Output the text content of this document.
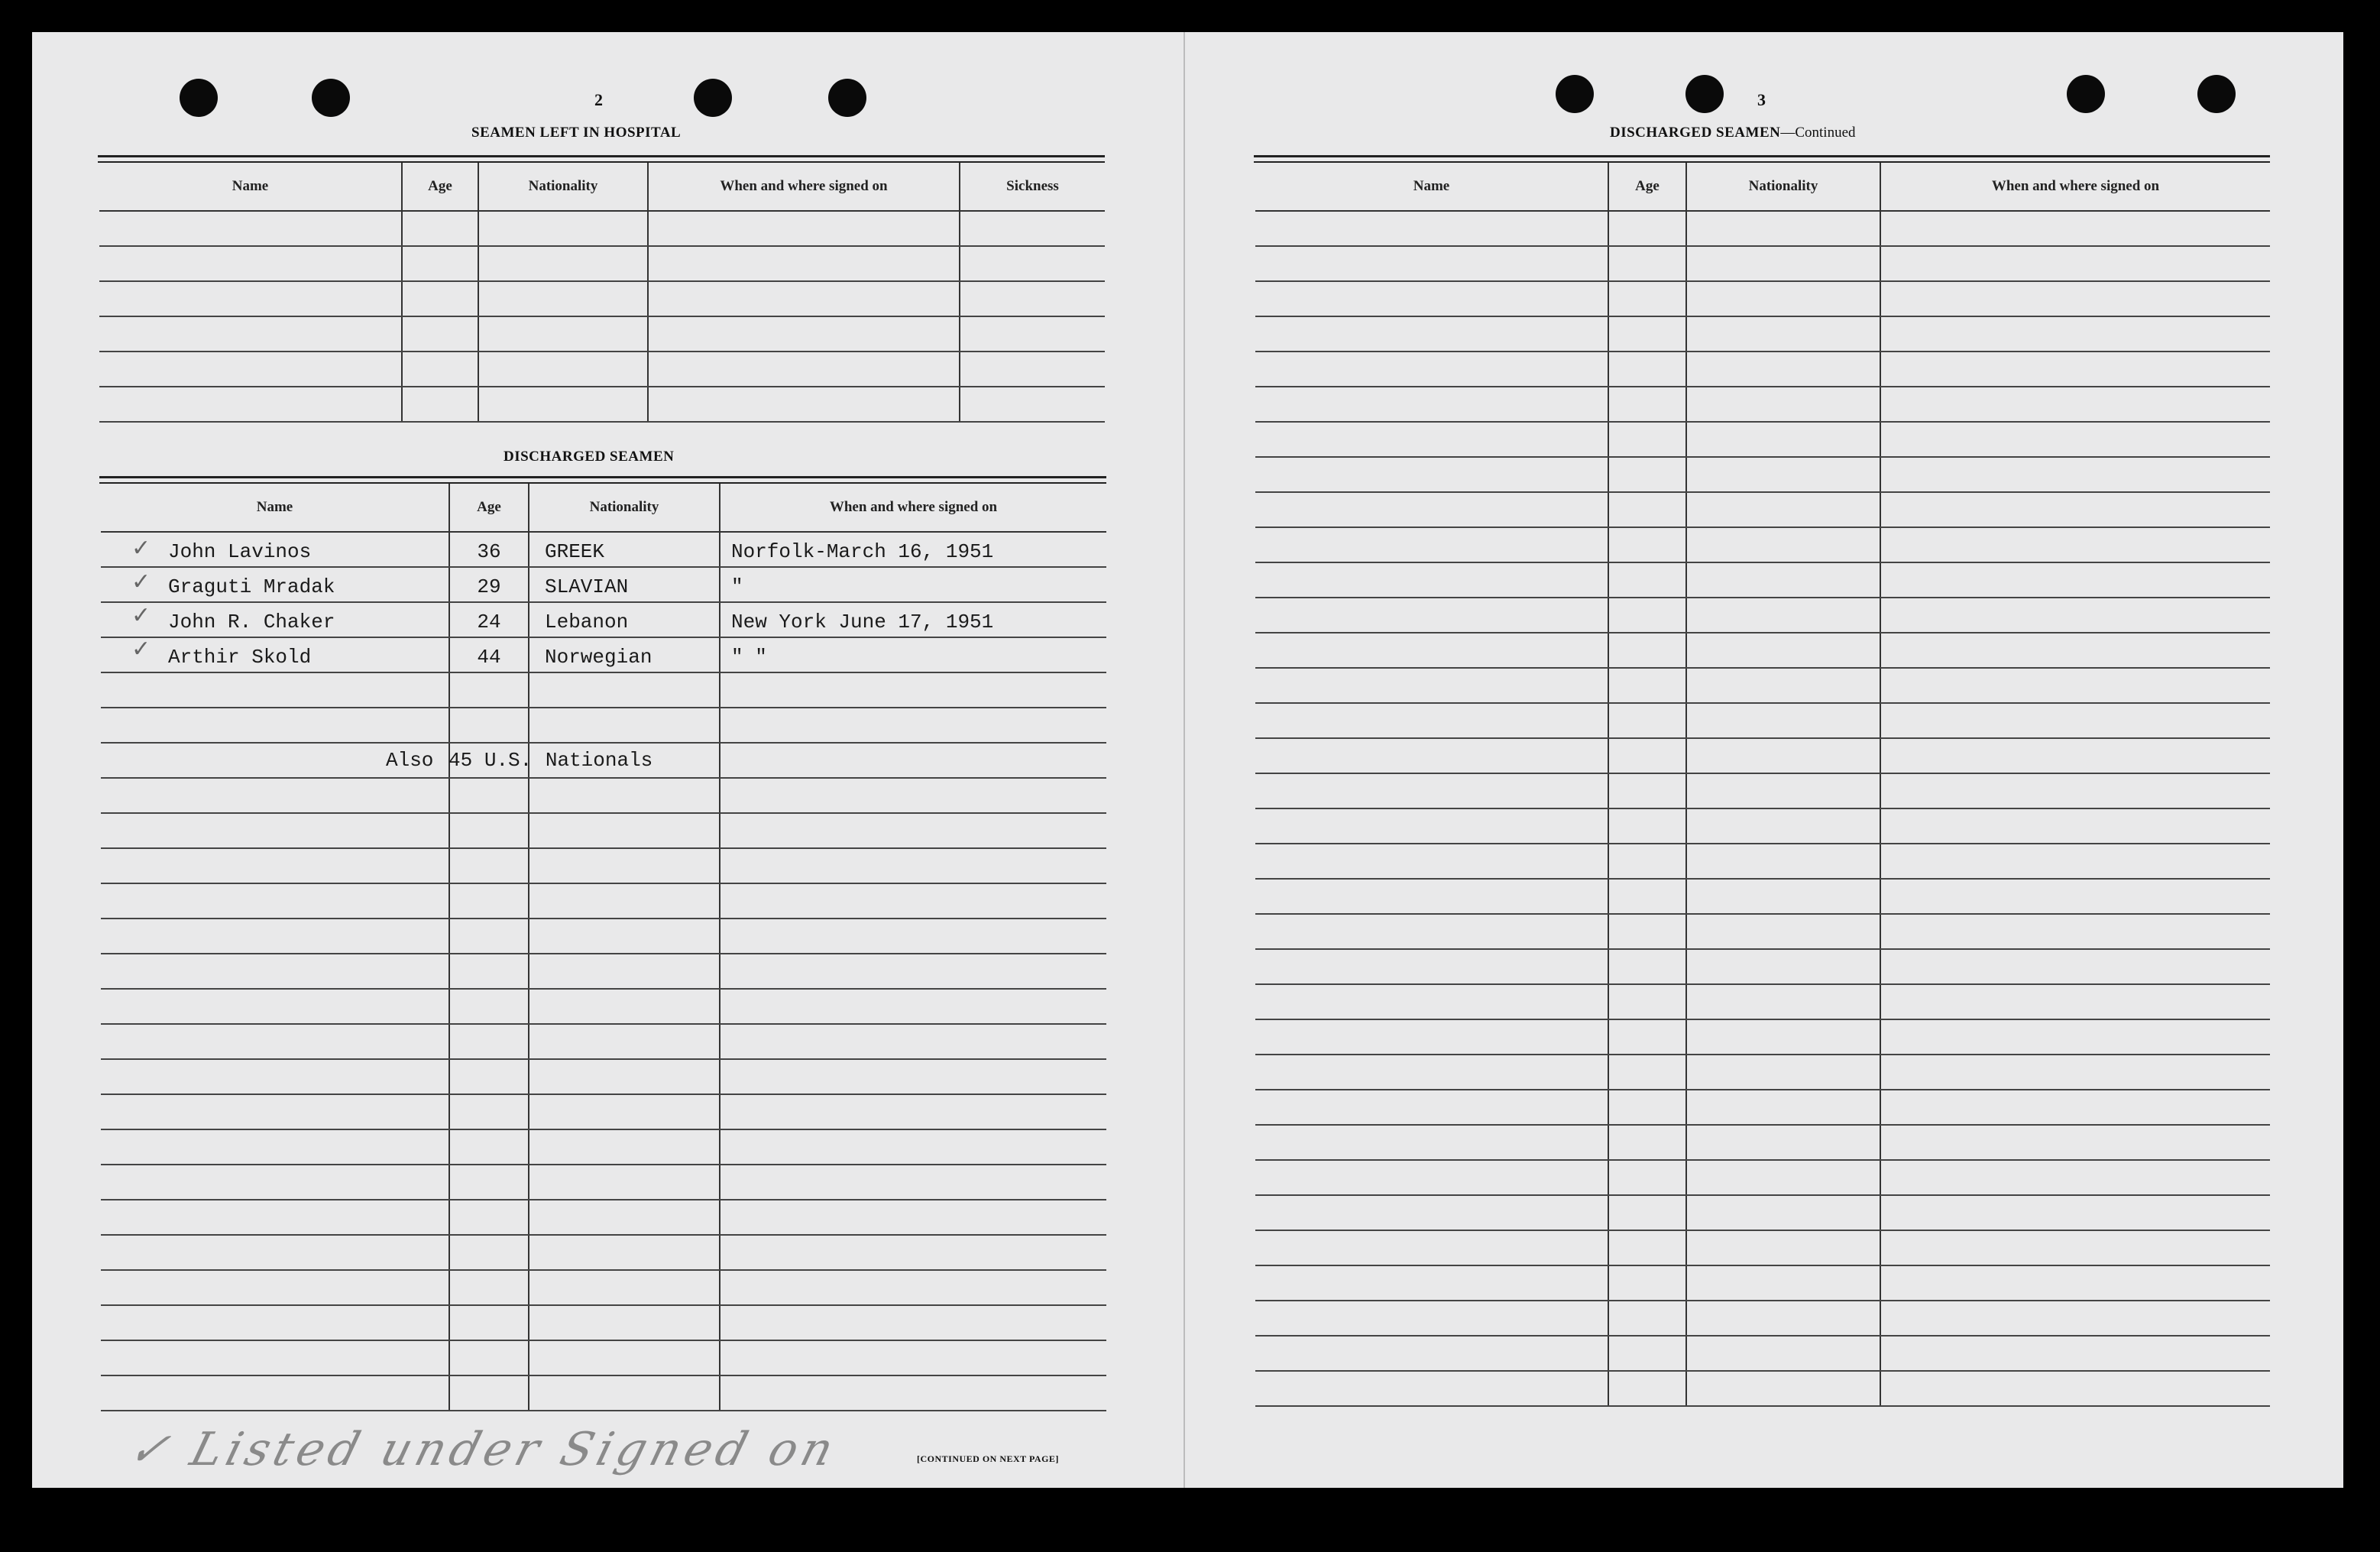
2
SEAMEN LEFT IN HOSPITAL
Name	Age	Nationality	When and where signed on	Sickness

DISCHARGED SEAMEN
Name	Age	Nationality	When and where signed on

John Lavinos	36	GREEK	Norfolk-March 16, 1951

Graguti Mradak	29	SLAVIAN	"

John R. Chaker	24	Lebanon	New York June 17, 1951

Arthir Skold	44	Norwegian	" "

Also 45 U.S. Nationals
✓ Listed under Signed on	[CONTINUED ON NEXT PAGE]
3
DISCHARGED SEAMEN—Continued
Name	Age	Nationality	When and where signed on

✓
✓
✓
✓
